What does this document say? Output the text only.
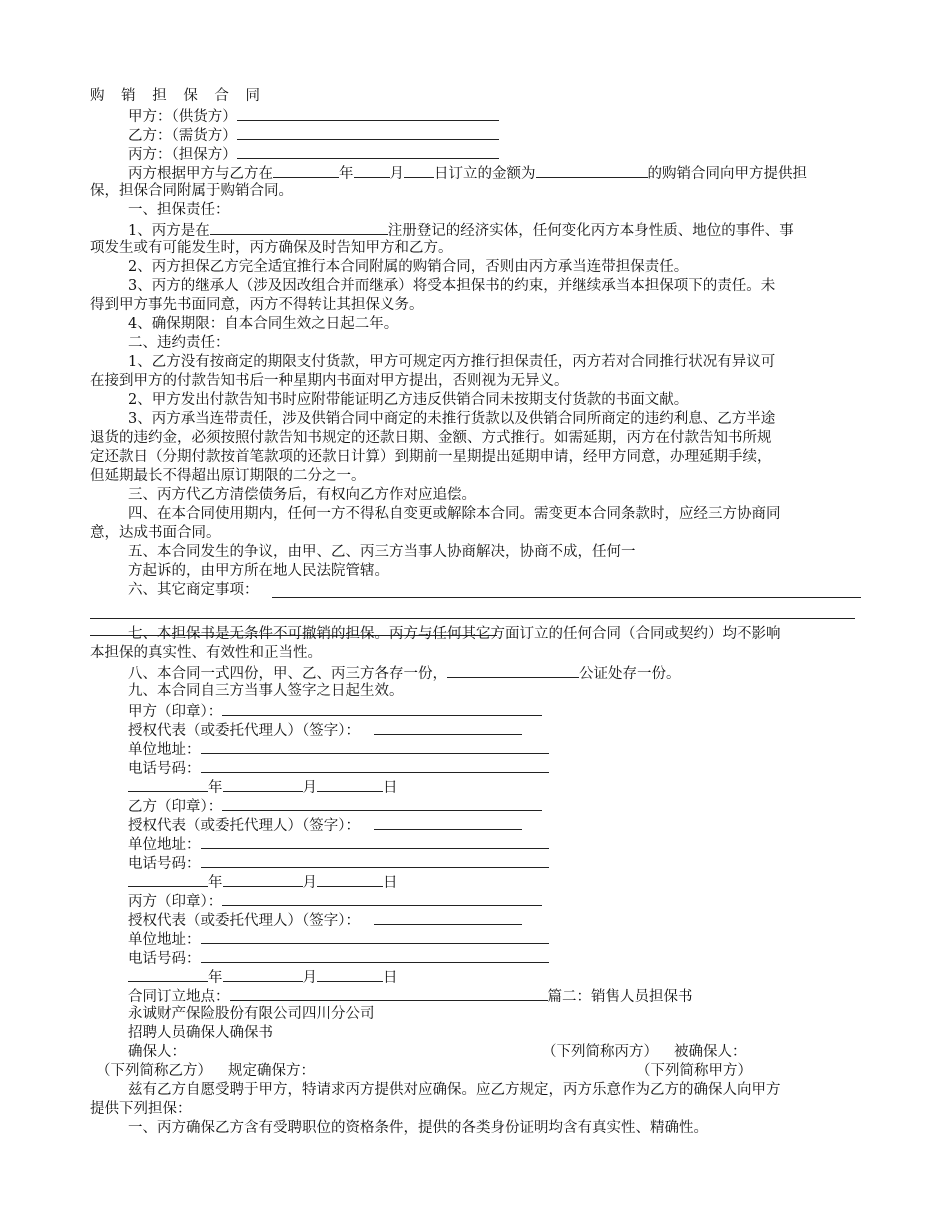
购 销 担 保 合 同
甲方：（供货方）
乙方：（需货方）
丙方：（担保方）
丙方根据甲方与乙方在	年 月 日订立的金额为	的购销合同向甲方提供担
保，担保合同附属于购销合同。
一、担保责任：
1、丙方是在	注册登记的经济实体，任何变化丙方本身性质、地位的事件、事
项发生或有可能发生时，丙方确保及时告知甲方和乙方。
2、丙方担保乙方完全适宜推行本合同附属的购销合同，否则由丙方承当连带担保责任。
3、丙方的继承人（涉及因改组合并而继承）将受本担保书的约束，并继续承当本担保项下的责任。未
得到甲方事先书面同意，丙方不得转让其担保义务。
4、确保期限：自本合同生效之日起二年。
二、违约责任：
1、乙方没有按商定的期限支付货款，甲方可规定丙方推行担保责任，丙方若对合同推行状况有异议可
在接到甲方的付款告知书后一种星期内书面对甲方提出，否则视为无异义。
2、甲方发出付款告知书时应附带能证明乙方违反供销合同未按期支付货款的书面文献。
3、丙方承当连带责任，涉及供销合同中商定的未推行货款以及供销合同所商定的违约利息、乙方半途
退货的违约金，必须按照付款告知书规定的还款日期、金额、方式推行。如需延期，丙方在付款告知书所规
定还款日（分期付款按首笔款项的还款日计算）到期前一星期提出延期申请，经甲方同意，办理延期手续，
但延期最长不得超出原订期限的二分之一。
三、丙方代乙方清偿债务后，有权向乙方作对应追偿。
四、在本合同使用期内，任何一方不得私自变更或解除本合同。需变更本合同条款时，应经三方协商同
意，达成书面合同。
五、本合同发生的争议，由甲、乙、丙三方当事人协商解决，协商不成，任何一
方起诉的，由甲方所在地人民法院管辖。
六、其它商定事项：
七、本担保书是无条件不可撤销的担保。丙方与任何其它方面订立的任何合同（合同或契约）均不影响
本担保的真实性、有效性和正当性。
八、本合同一式四份，甲、乙、丙三方各存一份，	公证处存一份。
九、本合同自三方当事人签字之日起生效。
甲方（印章）：
授权代表（或委托代理人）（签字）：
单位地址：
电话号码：
年	月	日
乙方（印章）：
授权代表（或委托代理人）（签字）：
单位地址：
电话号码：
年	月	日
丙方（印章）：
授权代表（或委托代理人）（签字）：
单位地址：
电话号码：
年	月	日
合同订立地点：	篇二：销售人员担保书
永诚财产保险股份有限公司四川分公司
招聘人员确保人确保书
确保人：	（下列简称丙方） 被确保人：
（下列简称乙方） 规定确保方：	（下列简称甲方）
兹有乙方自愿受聘于甲方，特请求丙方提供对应确保。应乙方规定，丙方乐意作为乙方的确保人向甲方
提供下列担保：
一、丙方确保乙方含有受聘职位的资格条件，提供的各类身份证明均含有真实性、精确性。
